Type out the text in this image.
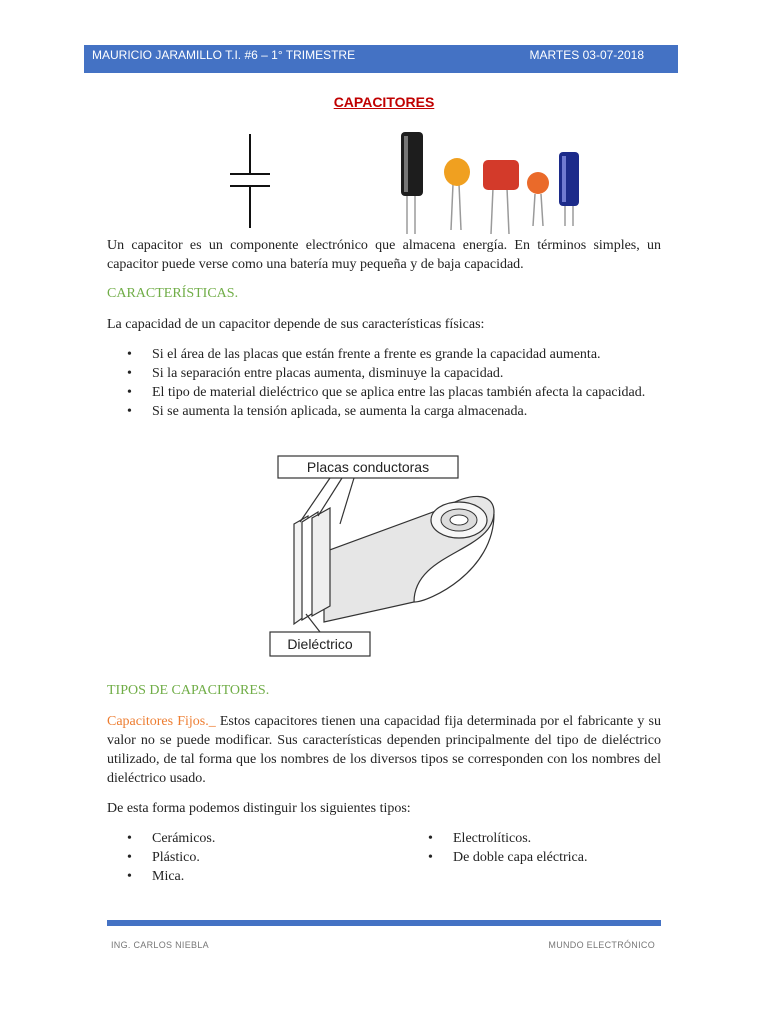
MAURICIO JARAMILLO T.I. #6 – 1° TRIMESTRE	MARTES 03-07-2018
CAPACITORES

Un capacitor es un componente electrónico que almacena energía. En términos simples, un capacitor puede verse como una batería muy pequeña y de baja capacidad.

CARACTERÍSTICAS.

La capacidad de un capacitor depende de sus características físicas:

• Si el área de las placas que están frente a frente es grande la capacidad aumenta.
• Si la separación entre placas aumenta, disminuye la capacidad.
• El tipo de material dieléctrico que se aplica entre las placas también afecta la capacidad.
• Si se aumenta la tensión aplicada, se aumenta la carga almacenada.
Placas conductoras
Dieléctrico

TIPOS DE CAPACITORES.

Capacitores Fijos._ Estos capacitores tienen una capacidad fija determinada por el fabricante y su valor no se puede modificar. Sus características dependen principalmente del tipo de dieléctrico utilizado, de tal forma que los nombres de los diversos tipos se corresponden con los nombres del dieléctrico usado.

De esta forma podemos distinguir los siguientes tipos:

• Cerámicos.
• Plástico.
• Mica.
• Electrolíticos.
• De doble capa eléctrica.
ING. CARLOS NIEBLA	MUNDO ELECTRÓNICO
